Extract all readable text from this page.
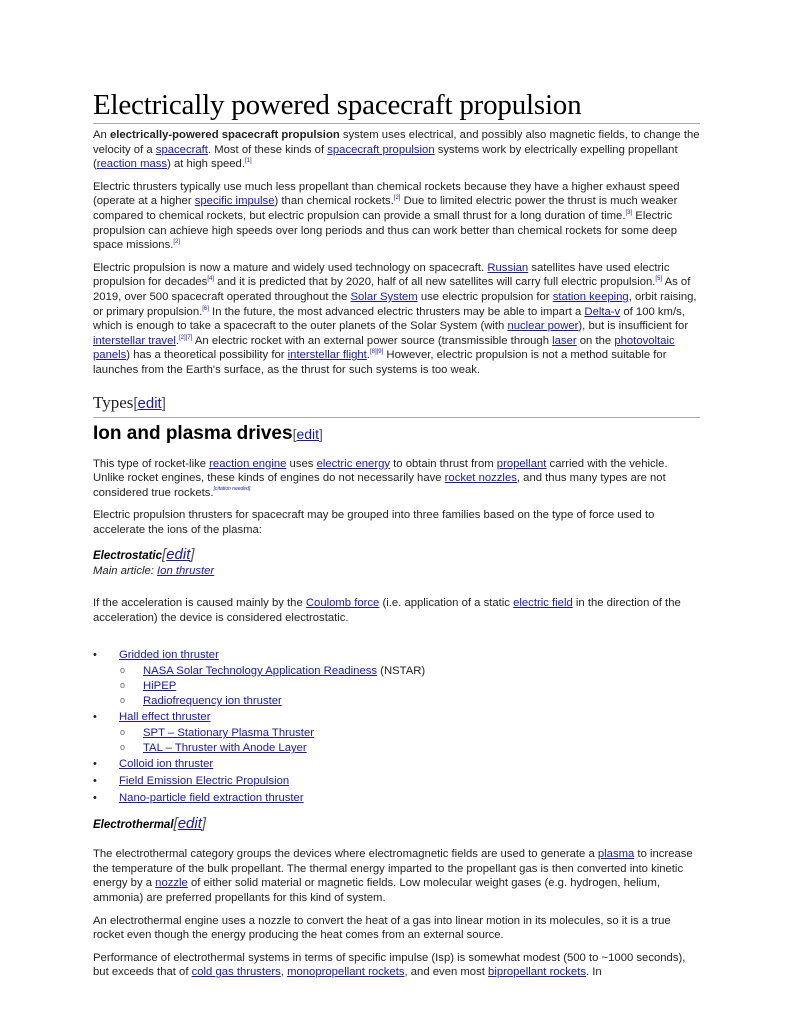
Electrically powered spacecraft propulsion

An electrically-powered spacecraft propulsion system uses electrical, and possibly also magnetic fields, to change the velocity of a spacecraft. Most of these kinds of spacecraft propulsion systems work by electrically expelling propellant (reaction mass) at high speed.[1]

Electric thrusters typically use much less propellant than chemical rockets because they have a higher exhaust speed (operate at a higher specific impulse) than chemical rockets.[2] Due to limited electric power the thrust is much weaker compared to chemical rockets, but electric propulsion can provide a small thrust for a long duration of time.[3] Electric propulsion can achieve high speeds over long periods and thus can work better than chemical rockets for some deep space missions.[2]

Electric propulsion is now a mature and widely used technology on spacecraft. Russian satellites have used electric propulsion for decades[4] and it is predicted that by 2020, half of all new satellites will carry full electric propulsion.[5] As of 2019, over 500 spacecraft operated throughout the Solar System use electric propulsion for station keeping, orbit raising, or primary propulsion.[6] In the future, the most advanced electric thrusters may be able to impart a Delta-v of 100 km/s, which is enough to take a spacecraft to the outer planets of the Solar System (with nuclear power), but is insufficient for interstellar travel.[2][7] An electric rocket with an external power source (transmissible through laser on the photovoltaic panels) has a theoretical possibility for interstellar flight.[8][9] However, electric propulsion is not a method suitable for launches from the Earth's surface, as the thrust for such systems is too weak.

Types[edit]
Ion and plasma drives[edit]

This type of rocket-like reaction engine uses electric energy to obtain thrust from propellant carried with the vehicle. Unlike rocket engines, these kinds of engines do not necessarily have rocket nozzles, and thus many types are not considered true rockets.[citation needed]

Electric propulsion thrusters for spacecraft may be grouped into three families based on the type of force used to accelerate the ions of the plasma:

Electrostatic[edit]
Main article: Ion thruster

If the acceleration is caused mainly by the Coulomb force (i.e. application of a static electric field in the direction of the acceleration) the device is considered electrostatic.

• Gridded ion thruster
o NASA Solar Technology Application Readiness (NSTAR)
o HiPEP
o Radiofrequency ion thruster
• Hall effect thruster
o SPT – Stationary Plasma Thruster
o TAL – Thruster with Anode Layer
• Colloid ion thruster
• Field Emission Electric Propulsion
• Nano-particle field extraction thruster
Electrothermal[edit]

The electrothermal category groups the devices where electromagnetic fields are used to generate a plasma to increase the temperature of the bulk propellant. The thermal energy imparted to the propellant gas is then converted into kinetic energy by a nozzle of either solid material or magnetic fields. Low molecular weight gases (e.g. hydrogen, helium, ammonia) are preferred propellants for this kind of system.

An electrothermal engine uses a nozzle to convert the heat of a gas into linear motion in its molecules, so it is a true rocket even though the energy producing the heat comes from an external source.

Performance of electrothermal systems in terms of specific impulse (Isp) is somewhat modest (500 to ~1000 seconds), but exceeds that of cold gas thrusters, monopropellant rockets, and even most bipropellant rockets. In
